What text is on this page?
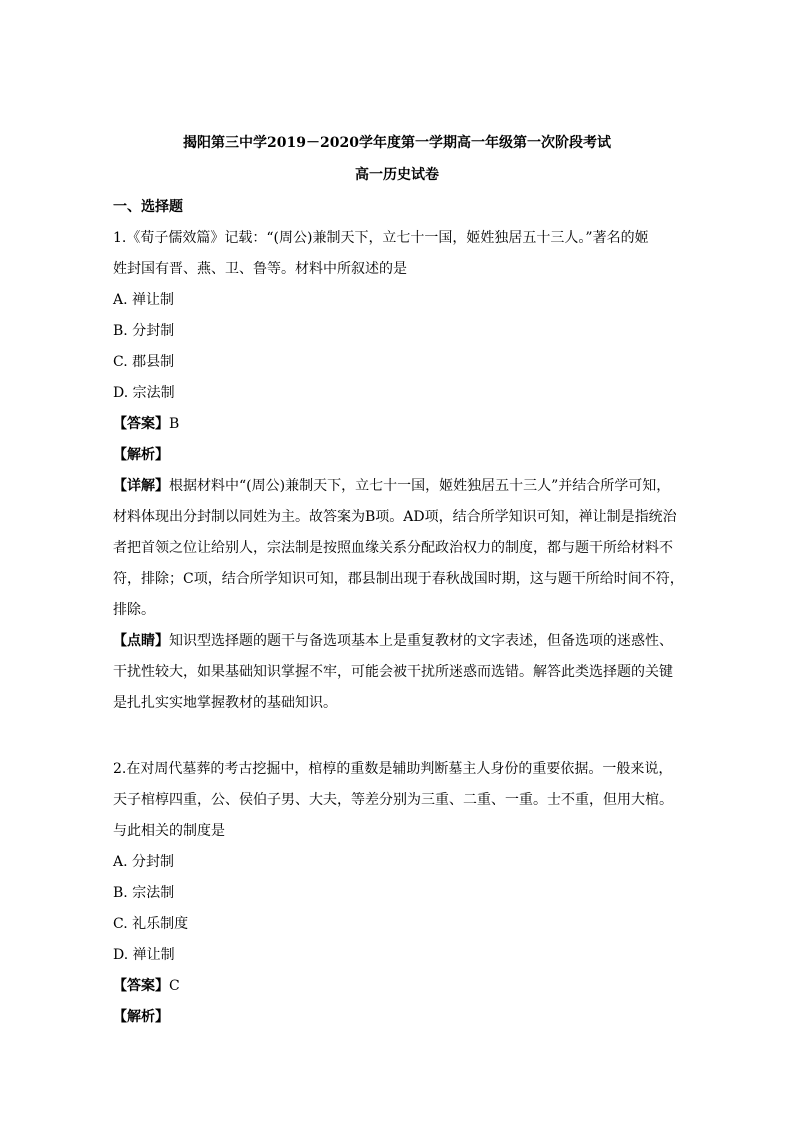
揭阳第三中学2019－2020学年度第一学期高一年级第一次阶段考试
高一历史试卷
一、选择题
1.《荀子儒效篇》记载：“(周公)兼制天下，立七十一国，姬姓独居五十三人。”著名的姬
姓封国有晋、燕、卫、鲁等。材料中所叙述的是
A. 禅让制
B. 分封制
C. 郡县制
D. 宗法制
【答案】B
【解析】
【详解】根据材料中“(周公)兼制天下，立七十一国，姬姓独居五十三人”并结合所学可知，
材料体现出分封制以同姓为主。故答案为B项。AD项，结合所学知识可知，禅让制是指统治
者把首领之位让给别人，宗法制是按照血缘关系分配政治权力的制度，都与题干所给材料不
符，排除；C项，结合所学知识可知，郡县制出现于春秋战国时期，这与题干所给时间不符，
排除。
【点睛】知识型选择题的题干与备选项基本上是重复教材的文字表述，但备选项的迷惑性、
干扰性较大，如果基础知识掌握不牢，可能会被干扰所迷惑而选错。解答此类选择题的关键
是扎扎实实地掌握教材的基础知识。
2.在对周代墓葬的考古挖掘中，棺椁的重数是辅助判断墓主人身份的重要依据。一般来说，
天子棺椁四重，公、侯伯子男、大夫，等差分别为三重、二重、一重。士不重，但用大棺。
与此相关的制度是
A. 分封制
B. 宗法制
C. 礼乐制度
D. 禅让制
【答案】C
【解析】
